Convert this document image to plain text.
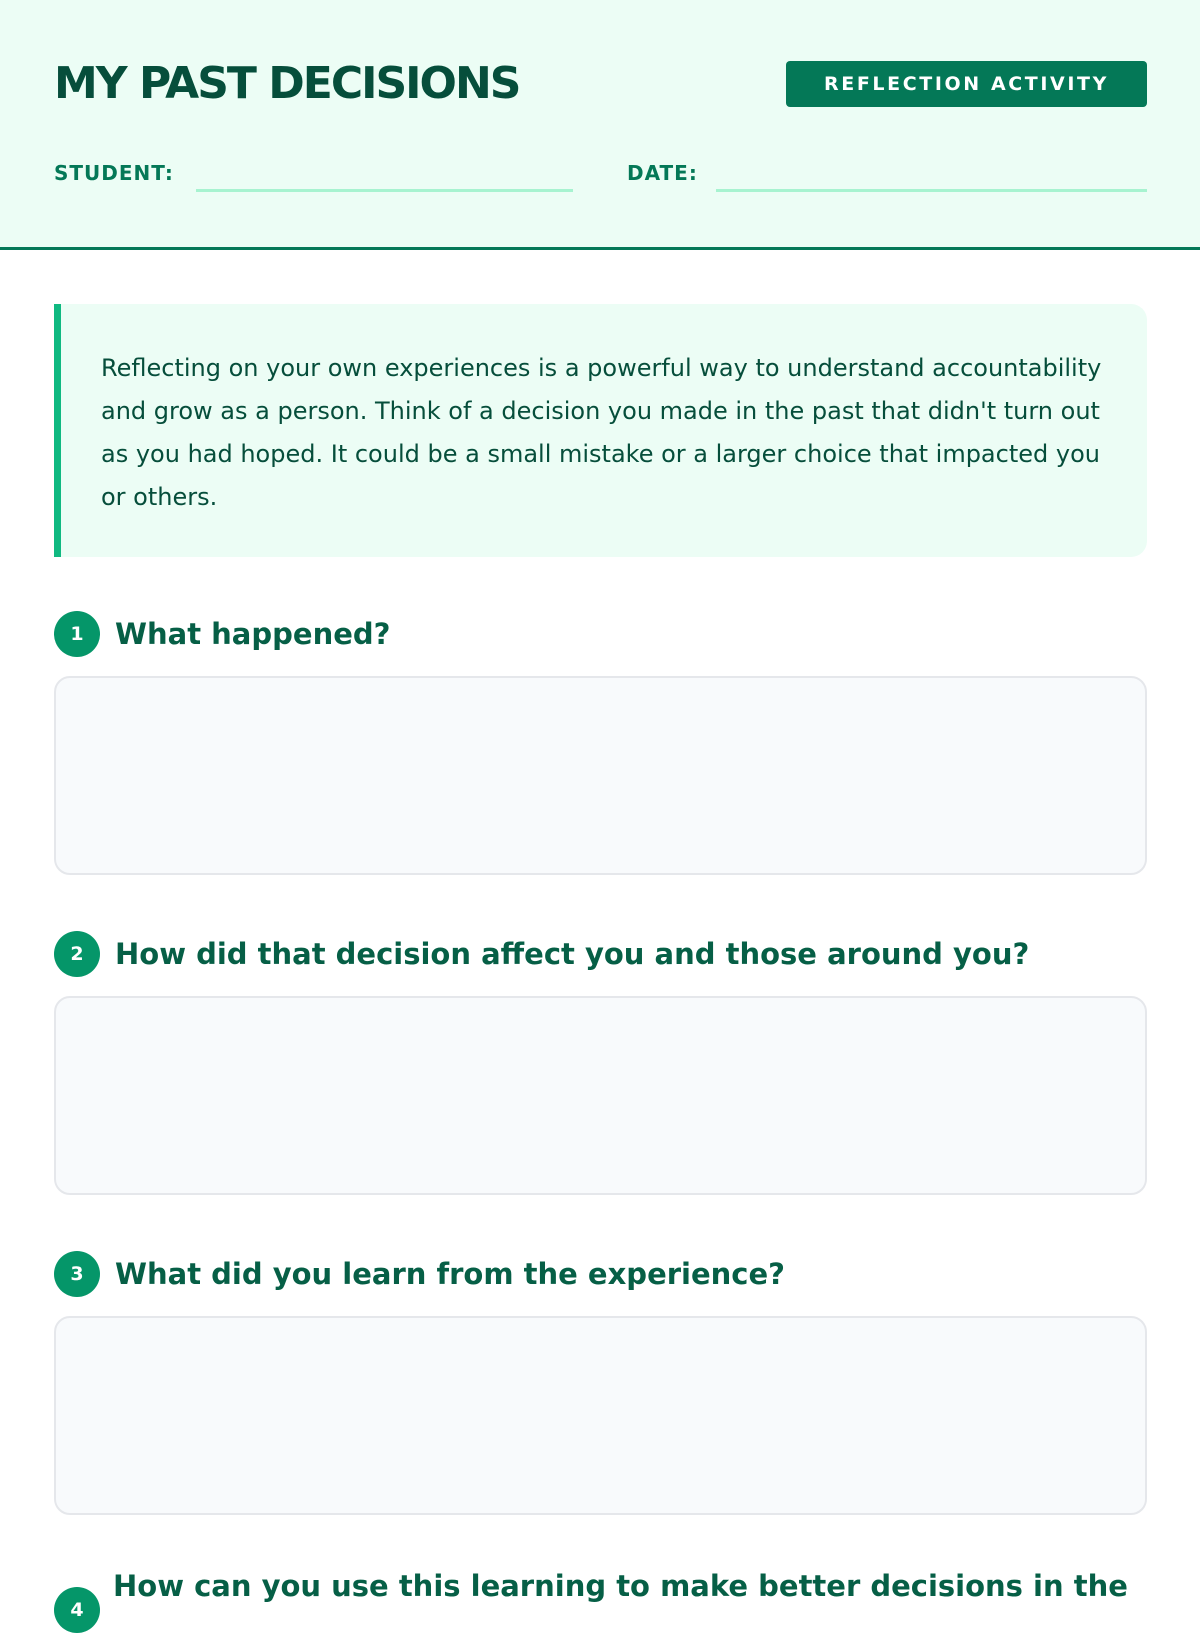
MY PAST DECISIONS	REFLECTION ACTIVITY
STUDENT:	DATE:

Reflecting on your own experiences is a powerful way to understand accountability and grow as a person. Think of a decision you made in the past that didn't turn out as you had hoped. It could be a small mistake or a larger choice that impacted you or others.

1	What happened?
2	How did that decision affect you and those around you?
3	What did you learn from the experience?
4
How can you use this learning to make better decisions in the
